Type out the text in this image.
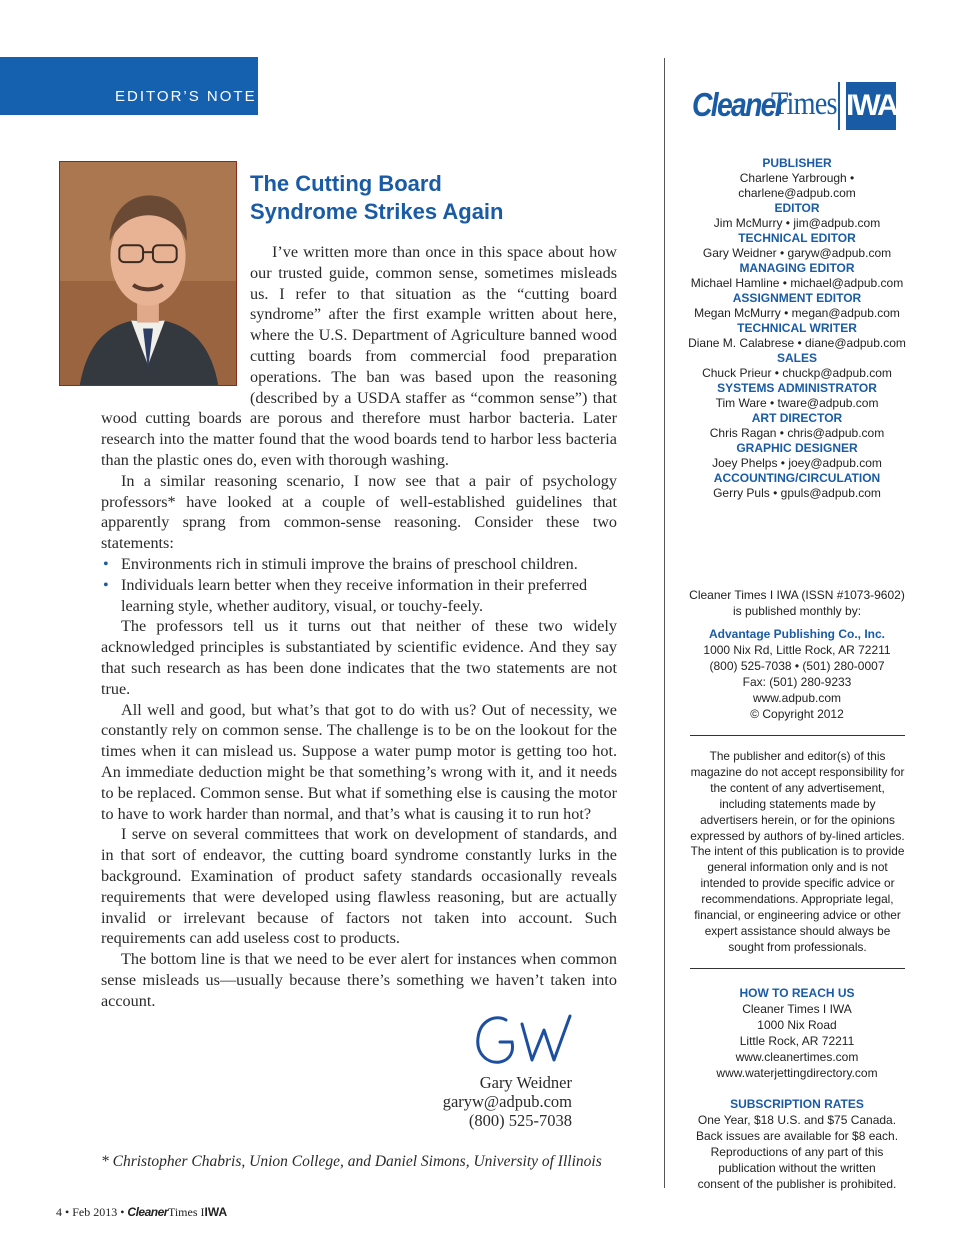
EDITOR’S NOTE
The Cutting Board
Syndrome Strikes Again

I’ve written more than once in this space about how our trusted guide, common sense, sometimes misleads us. I refer to that situation as the “cutting board syndrome” after the first example written about here, where the U.S. Department of Agriculture banned wood cutting boards from commercial food preparation operations. The ban was based upon the reasoning (described by a USDA staffer as “common sense”) that wood cutting boards are porous and therefore must harbor bacteria. Later research into the matter found that the wood boards tend to harbor less bacteria than the plastic ones do, even with thorough washing.

In a similar reasoning scenario, I now see that a pair of psychology professors* have looked at a couple of well-established guidelines that apparently sprang from common-sense reasoning. Consider these two statements:

• Environments rich in stimuli improve the brains of preschool children.
• Individuals learn better when they receive information in their preferred learning style, whether auditory, visual, or touchy-feely.

The professors tell us it turns out that neither of these two widely acknowledged principles is substantiated by scientific evidence. And they say that such research as has been done indicates that the two statements are not true.

All well and good, but what’s that got to do with us? Out of necessity, we constantly rely on common sense. The challenge is to be on the lookout for the times when it can mislead us. Suppose a water pump motor is getting too hot. An immediate deduction might be that something’s wrong with it, and it needs to be replaced. Common sense. But what if something else is causing the motor to have to work harder than normal, and that’s what is causing it to run hot?

I serve on several committees that work on development of standards, and in that sort of endeavor, the cutting board syndrome constantly lurks in the background. Examination of product safety standards occasionally reveals requirements that were developed using flawless reasoning, but are actually invalid or irrelevant because of factors not taken into account. Such requirements can add useless cost to products.

The bottom line is that we need to be ever alert for instances when common sense misleads us—usually because there’s something we haven’t taken into account.

Gary Weidner
garyw@adpub.com
(800) 525-7038
* Christopher Chabris, Union College, and Daniel Simons, University of Illinois
4 • Feb 2013 • CleanerTimes IIWA
Cleaner
Times IWA
PUBLISHER
Charlene Yarbrough • charlene@adpub.com
EDITOR
Jim McMurry • jim@adpub.com
TECHNICAL EDITOR
Gary Weidner • garyw@adpub.com
MANAGING EDITOR
Michael Hamline • michael@adpub.com
ASSIGNMENT EDITOR
Megan McMurry • megan@adpub.com
TECHNICAL WRITER
Diane M. Calabrese • diane@adpub.com
SALES
Chuck Prieur • chuckp@adpub.com
SYSTEMS ADMINISTRATOR
Tim Ware • tware@adpub.com
ART DIRECTOR
Chris Ragan • chris@adpub.com
GRAPHIC DESIGNER
Joey Phelps • joey@adpub.com
ACCOUNTING/CIRCULATION
Gerry Puls • gpuls@adpub.com
Cleaner Times I IWA (ISSN #1073-9602)
is published monthly by:
Advantage Publishing Co., Inc.
1000 Nix Rd, Little Rock, AR 72211
(800) 525-7038 • (501) 280-0007
Fax: (501) 280-9233
www.adpub.com
© Copyright 2012
The publisher and editor(s) of this magazine do not accept responsibility for the content of any advertisement, including statements made by advertisers herein, or for the opinions expressed by authors of by-lined articles. The intent of this publication is to provide general information only and is not intended to provide specific advice or recommendations. Appropriate legal, financial, or engineering advice or other expert assistance should always be sought from professionals.
HOW TO REACH US
Cleaner Times I IWA
1000 Nix Road
Little Rock, AR 72211
www.cleanertimes.com
www.waterjettingdirectory.com
SUBSCRIPTION RATES
One Year, $18 U.S. and $75 Canada.
Back issues are available for $8 each.
Reproductions of any part of this
publication without the written
consent of the publisher is prohibited.
